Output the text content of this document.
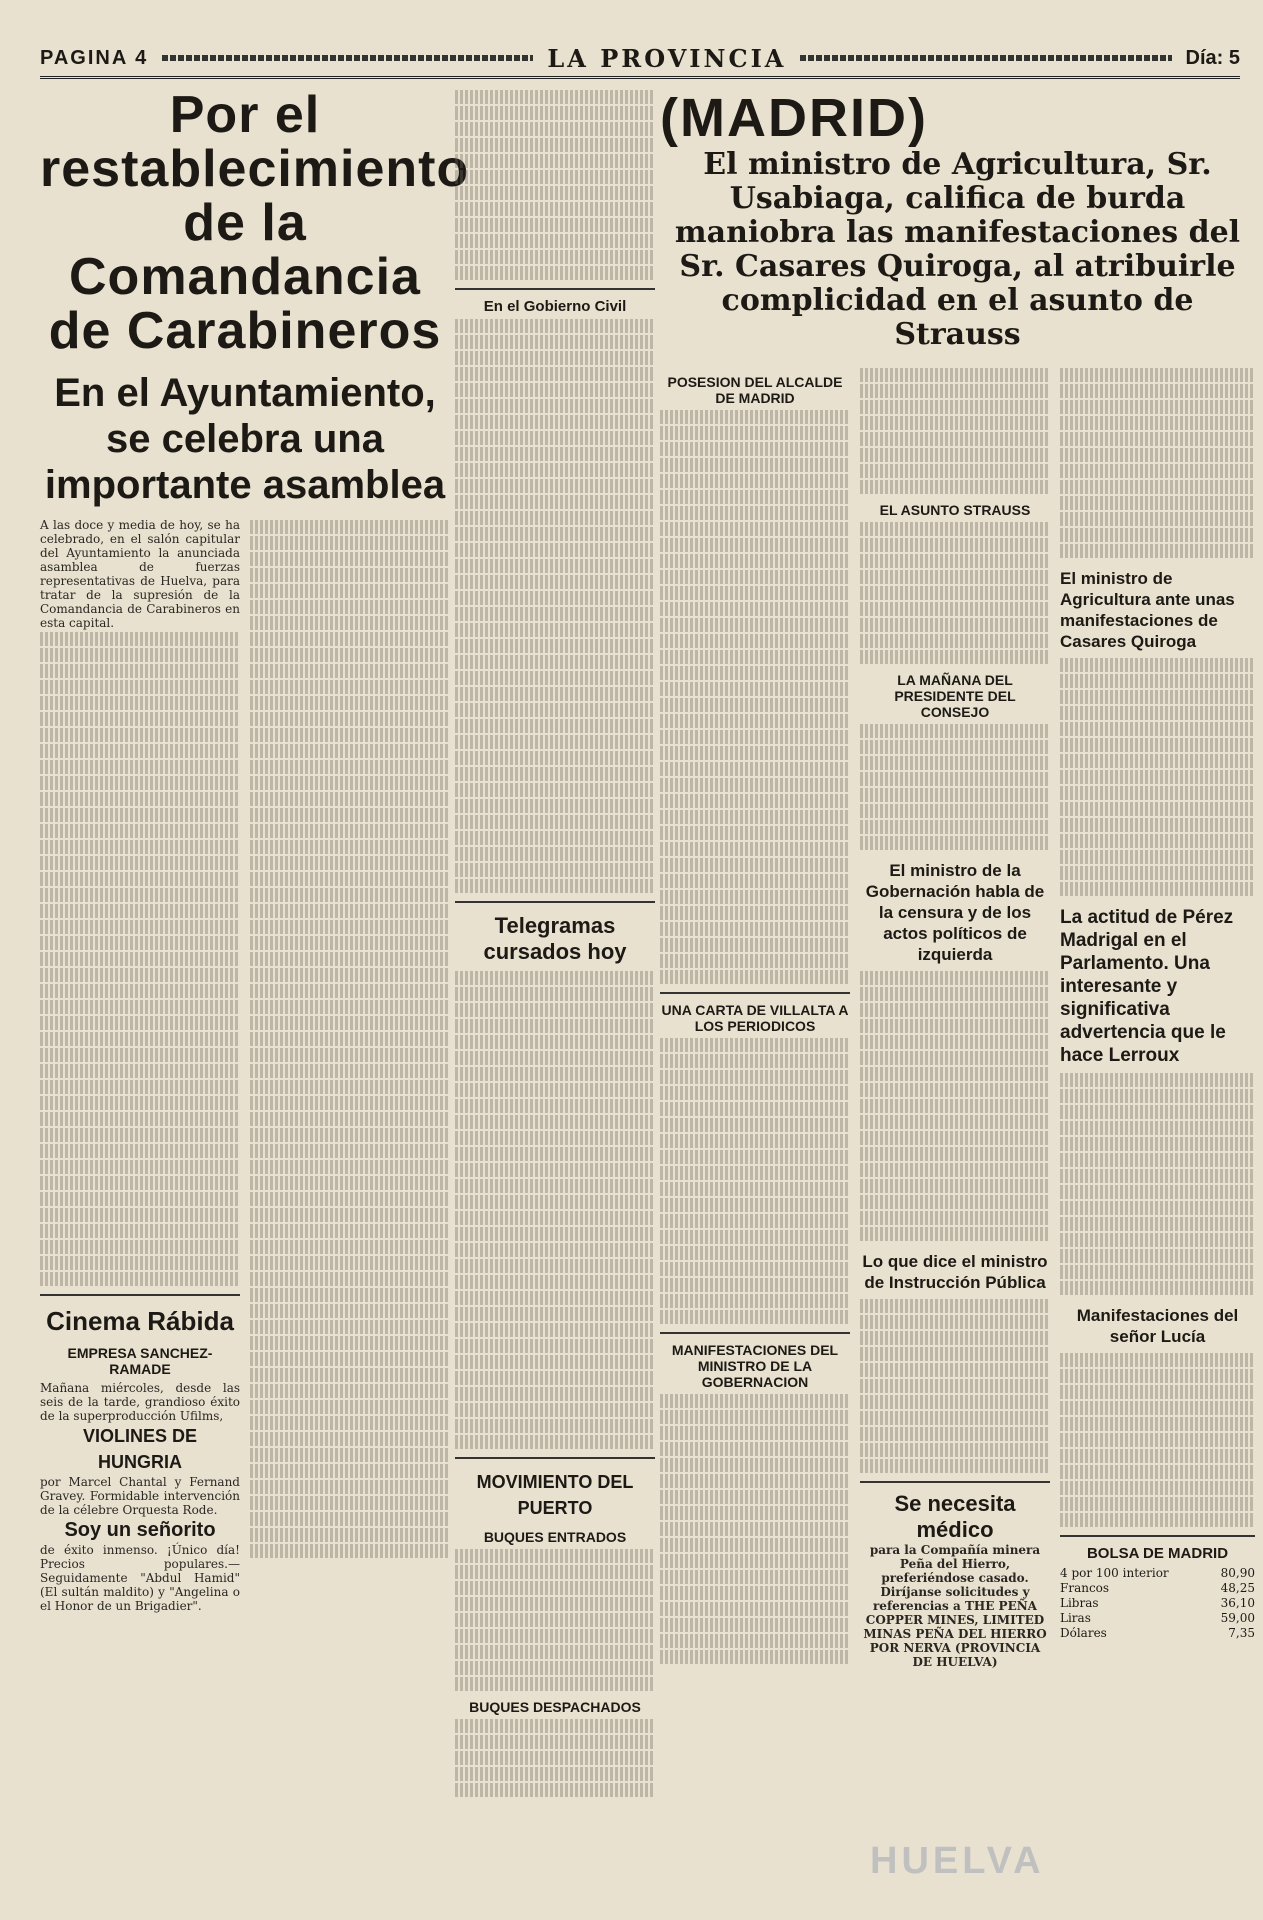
PAGINA 4	LA PROVINCIA	Día: 5
Por el restablecimiento de la Comandancia de Carabineros
En el Ayuntamiento, se celebra una importante asamblea
A las doce y media de hoy, se ha celebrado, en el salón capitular del Ayuntamiento la anunciada asamblea de fuerzas representativas de Huelva, para tratar de la supresión de la Comandancia de Carabineros en esta capital.
Cinema Rábida
EMPRESA SANCHEZ-RAMADE
Mañana miércoles, desde las seis de la tarde, grandioso éxito de la superproducción Ufilms,
VIOLINES DE HUNGRIA
por Marcel Chantal y Fernand Gravey. Formidable intervención de la célebre Orquesta Rode.
Soy un señorito
de éxito inmenso. ¡Único día! Precios populares.—Seguidamente "Abdul Hamid" (El sultán maldito) y "Angelina o el Honor de un Brigadier".
En el Gobierno Civil
Telegramas cursados hoy
MOVIMIENTO DEL PUERTO
BUQUES ENTRADOS
BUQUES DESPACHADOS
(MADRID)
El ministro de Agricultura, Sr. Usabiaga, califica de burda maniobra las manifestaciones del Sr. Casares Quiroga, al atribuirle complicidad en el asunto de Strauss
POSESION DEL ALCALDE DE MADRID
UNA CARTA DE VILLALTA A LOS PERIODICOS
MANIFESTACIONES DEL MINISTRO DE LA GOBERNACION
EL ASUNTO STRAUSS
LA MAÑANA DEL PRESIDENTE DEL CONSEJO
El ministro de la Gobernación habla de la censura y de los actos políticos de izquierda
Lo que dice el ministro de Instrucción Pública
Se necesita médico
para la Compañía minera Peña del Hierro, preferiéndose casado. Diríjanse solicitudes y referencias a THE PEÑA COPPER MINES, LIMITED MINAS PEÑA DEL HIERRO POR NERVA (PROVINCIA DE HUELVA)
El ministro de Agricultura ante unas manifestaciones de Casares Quiroga
La actitud de Pérez Madrigal en el Parlamento. Una interesante y significativa advertencia que le hace Lerroux
Manifestaciones del señor Lucía
BOLSA DE MADRID
4 por 100 interior	80,90
Francos	48,25
Libras	36,10
Liras	59,00
Dólares	7,35
HUELVA
